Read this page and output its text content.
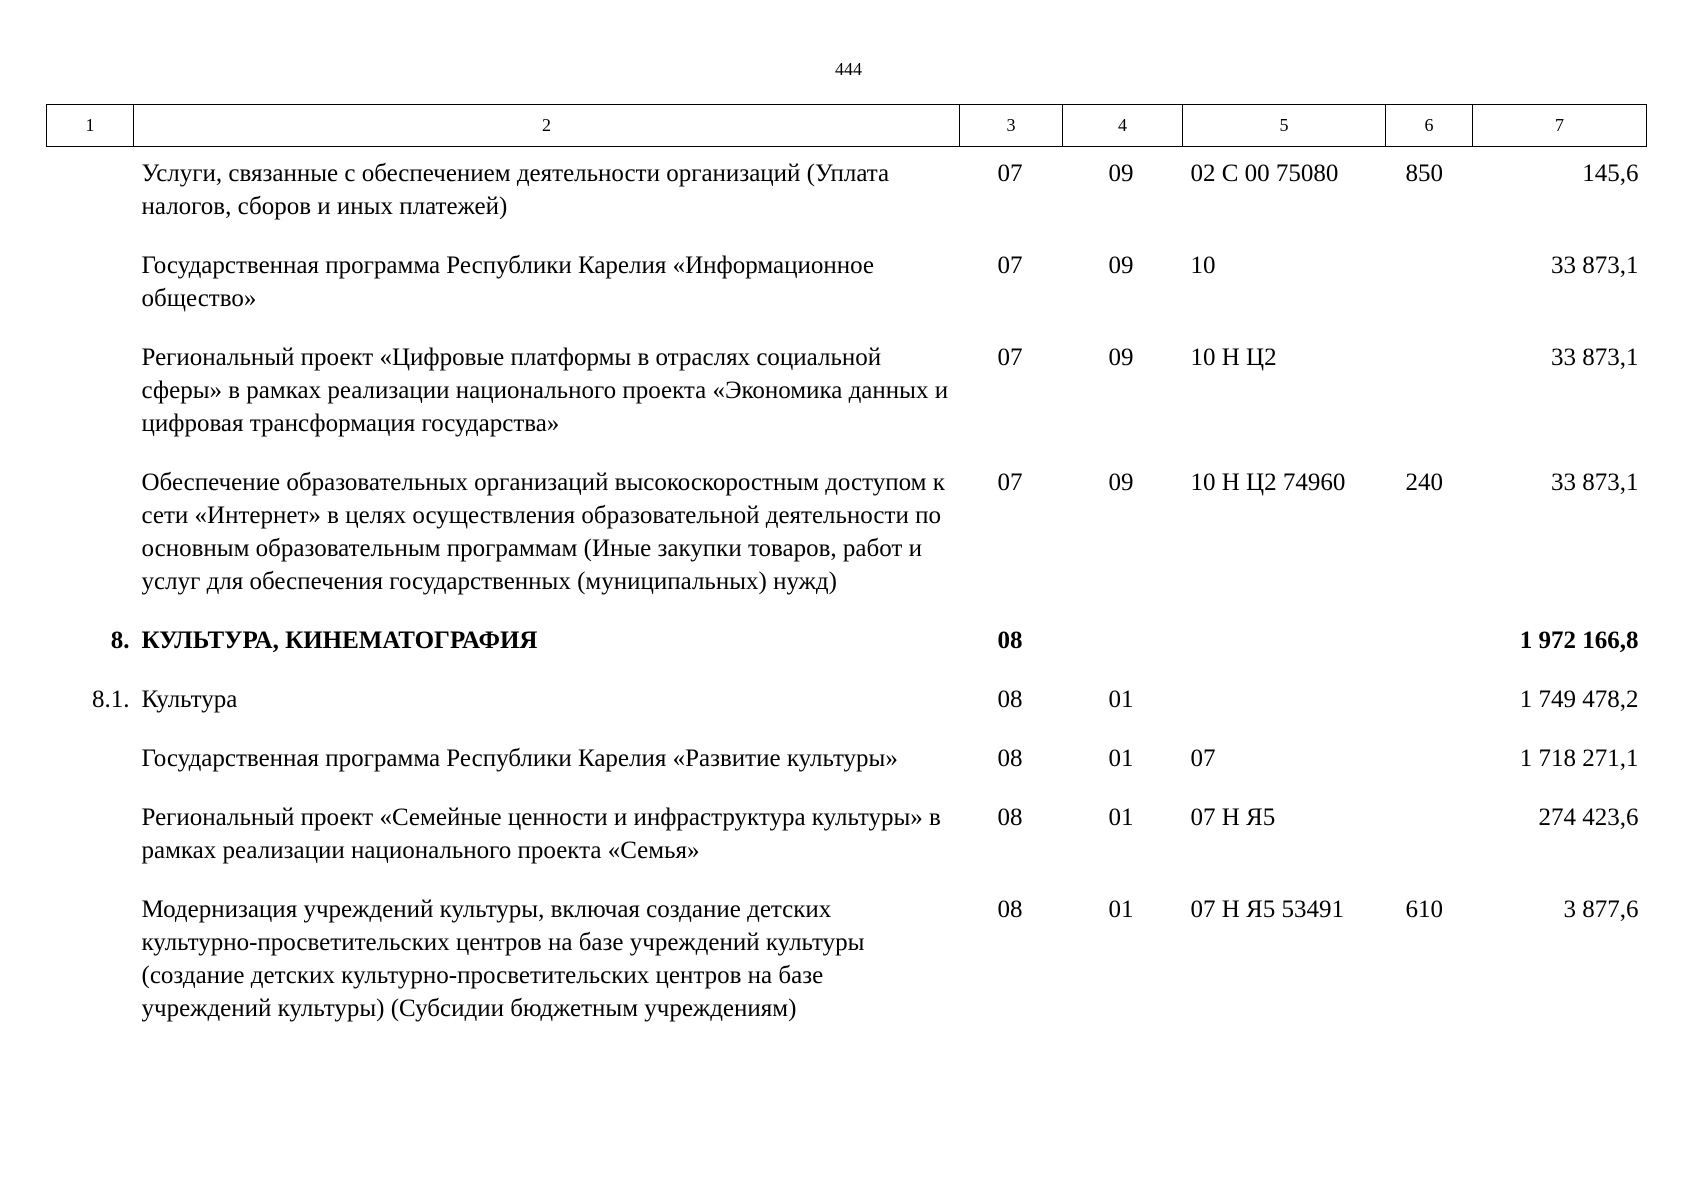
444
1	2	3	4	5	6	7
	Услуги, связанные с обеспечением деятельности организаций (Уплата налогов, сборов и иных платежей)	07	09	02 С 00 75080	850	145,6
	Государственная программа Республики Карелия «Информационное общество»	07	09	10		33 873,1
	Региональный проект «Цифровые платформы в отраслях социальной сферы» в рамках реализации национального проекта «Экономика данных и цифровая трансформация государства»	07	09	10 Н Ц2		33 873,1
	Обеспечение образовательных организаций высокоскоростным доступом к сети «Интернет» в целях осуществления образовательной деятельности по основным образовательным программам (Иные закупки товаров, работ и услуг для обеспечения государственных (муниципальных) нужд)	07	09	10 Н Ц2 74960	240	33 873,1
8.	КУЛЬТУРА, КИНЕМАТОГРАФИЯ	08				1 972 166,8
8.1.	Культура	08	01			1 749 478,2
	Государственная программа Республики Карелия «Развитие культуры»	08	01	07		1 718 271,1
	Региональный проект «Семейные ценности и инфраструктура культуры» в рамках реализации национального проекта «Семья»	08	01	07 Н Я5		274 423,6
	Модернизация учреждений культуры, включая создание детских культурно-просветительских центров на базе учреждений культуры (создание детских культурно-просветительских центров на базе учреждений культуры) (Субсидии бюджетным учреждениям)	08	01	07 Н Я5 53491	610	3 877,6
